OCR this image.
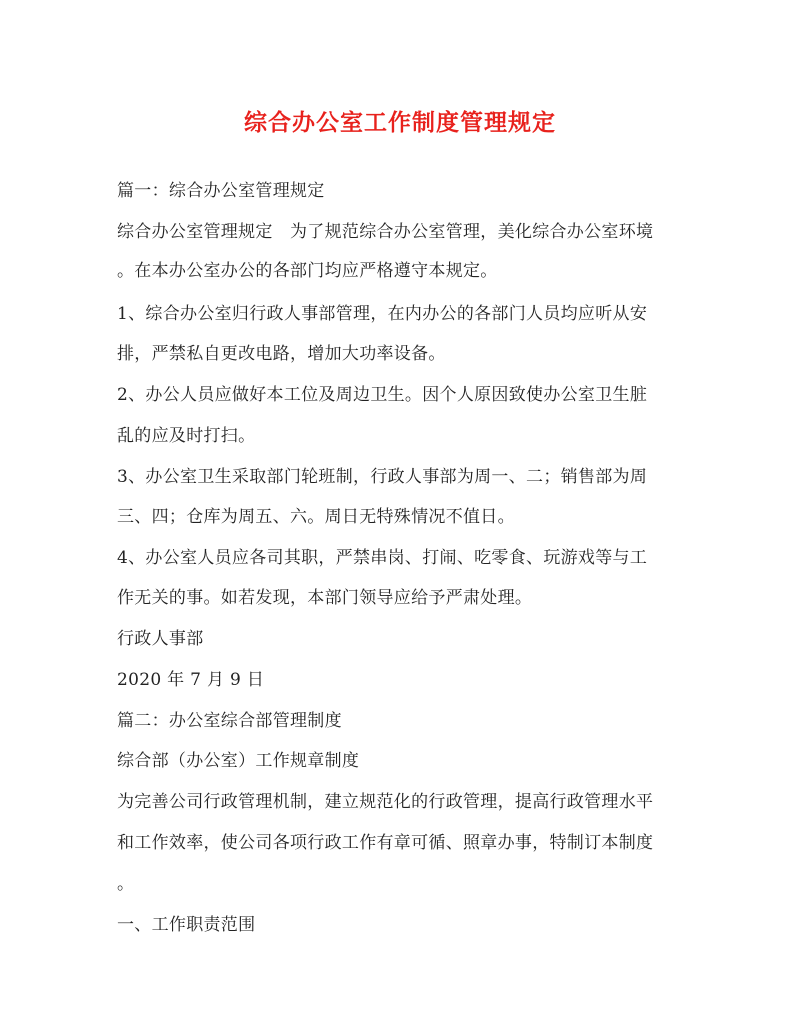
综合办公室工作制度管理规定
篇一：综合办公室管理规定
综合办公室管理规定　为了规范综合办公室管理，美化综合办公室环境
。在本办公室办公的各部门均应严格遵守本规定。
1、综合办公室归行政人事部管理，在内办公的各部门人员均应听从安
排，严禁私自更改电路，增加大功率设备。
2、办公人员应做好本工位及周边卫生。因个人原因致使办公室卫生脏
乱的应及时打扫。
3、办公室卫生采取部门轮班制，行政人事部为周一、二；销售部为周
三、四；仓库为周五、六。周日无特殊情况不值日。
4、办公室人员应各司其职，严禁串岗、打闹、吃零食、玩游戏等与工
作无关的事。如若发现，本部门领导应给予严肃处理。
行政人事部
2020 年 7 月 9 日
篇二：办公室综合部管理制度
综合部（办公室）工作规章制度
为完善公司行政管理机制，建立规范化的行政管理，提高行政管理水平
和工作效率，使公司各项行政工作有章可循、照章办事，特制订本制度
。
一、工作职责范围
